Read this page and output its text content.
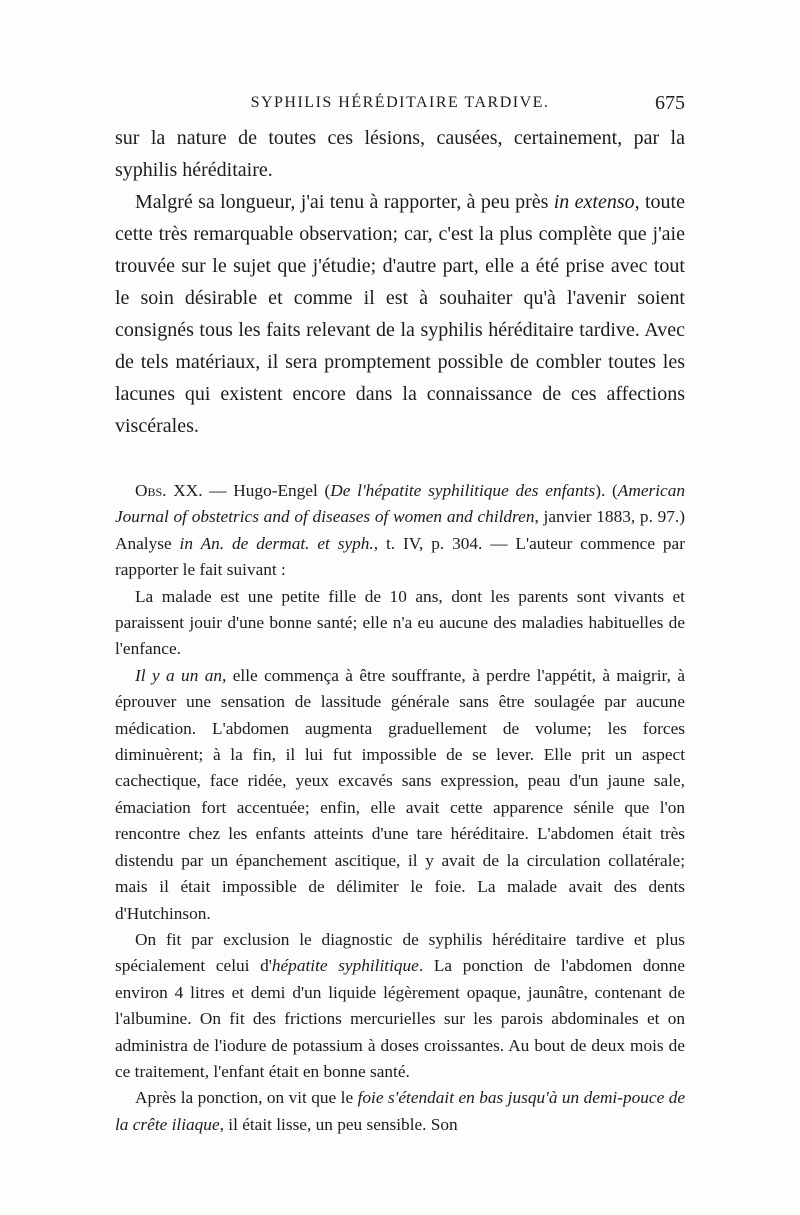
SYPHILIS HÉRÉDITAIRE TARDIVE.	675

sur la nature de toutes ces lésions, causées, certainement, par la syphilis héréditaire.

Malgré sa longueur, j'ai tenu à rapporter, à peu près in extenso, toute cette très remarquable observation; car, c'est la plus complète que j'aie trouvée sur le sujet que j'étudie; d'autre part, elle a été prise avec tout le soin désirable et comme il est à souhaiter qu'à l'avenir soient consignés tous les faits relevant de la syphilis héréditaire tardive. Avec de tels matériaux, il sera promptement possible de combler toutes les lacunes qui existent encore dans la connaissance de ces affections viscérales.

Obs. XX. — Hugo-Engel (De l'hépatite syphilitique des enfants). (American Journal of obstetrics and of diseases of women and children, janvier 1883, p. 97.) Analyse in An. de dermat. et syph., t. IV, p. 304. — L'auteur commence par rapporter le fait suivant :

La malade est une petite fille de 10 ans, dont les parents sont vivants et paraissent jouir d'une bonne santé; elle n'a eu aucune des maladies habituelles de l'enfance.

Il y a un an, elle commença à être souffrante, à perdre l'appétit, à maigrir, à éprouver une sensation de lassitude générale sans être soulagée par aucune médication. L'abdomen augmenta graduellement de volume; les forces diminuèrent; à la fin, il lui fut impossible de se lever. Elle prit un aspect cachectique, face ridée, yeux excavés sans expression, peau d'un jaune sale, émaciation fort accentuée; enfin, elle avait cette apparence sénile que l'on rencontre chez les enfants atteints d'une tare héréditaire. L'abdomen était très distendu par un épanchement ascitique, il y avait de la circulation collatérale; mais il était impossible de délimiter le foie. La malade avait des dents d'Hutchinson.

On fit par exclusion le diagnostic de syphilis héréditaire tardive et plus spécialement celui d'hépatite syphilitique. La ponction de l'abdomen donne environ 4 litres et demi d'un liquide légèrement opaque, jaunâtre, contenant de l'albumine. On fit des frictions mercurielles sur les parois abdominales et on administra de l'iodure de potassium à doses croissantes. Au bout de deux mois de ce traitement, l'enfant était en bonne santé.

Après la ponction, on vit que le foie s'étendait en bas jusqu'à un demi-pouce de la crête iliaque, il était lisse, un peu sensible. Son
